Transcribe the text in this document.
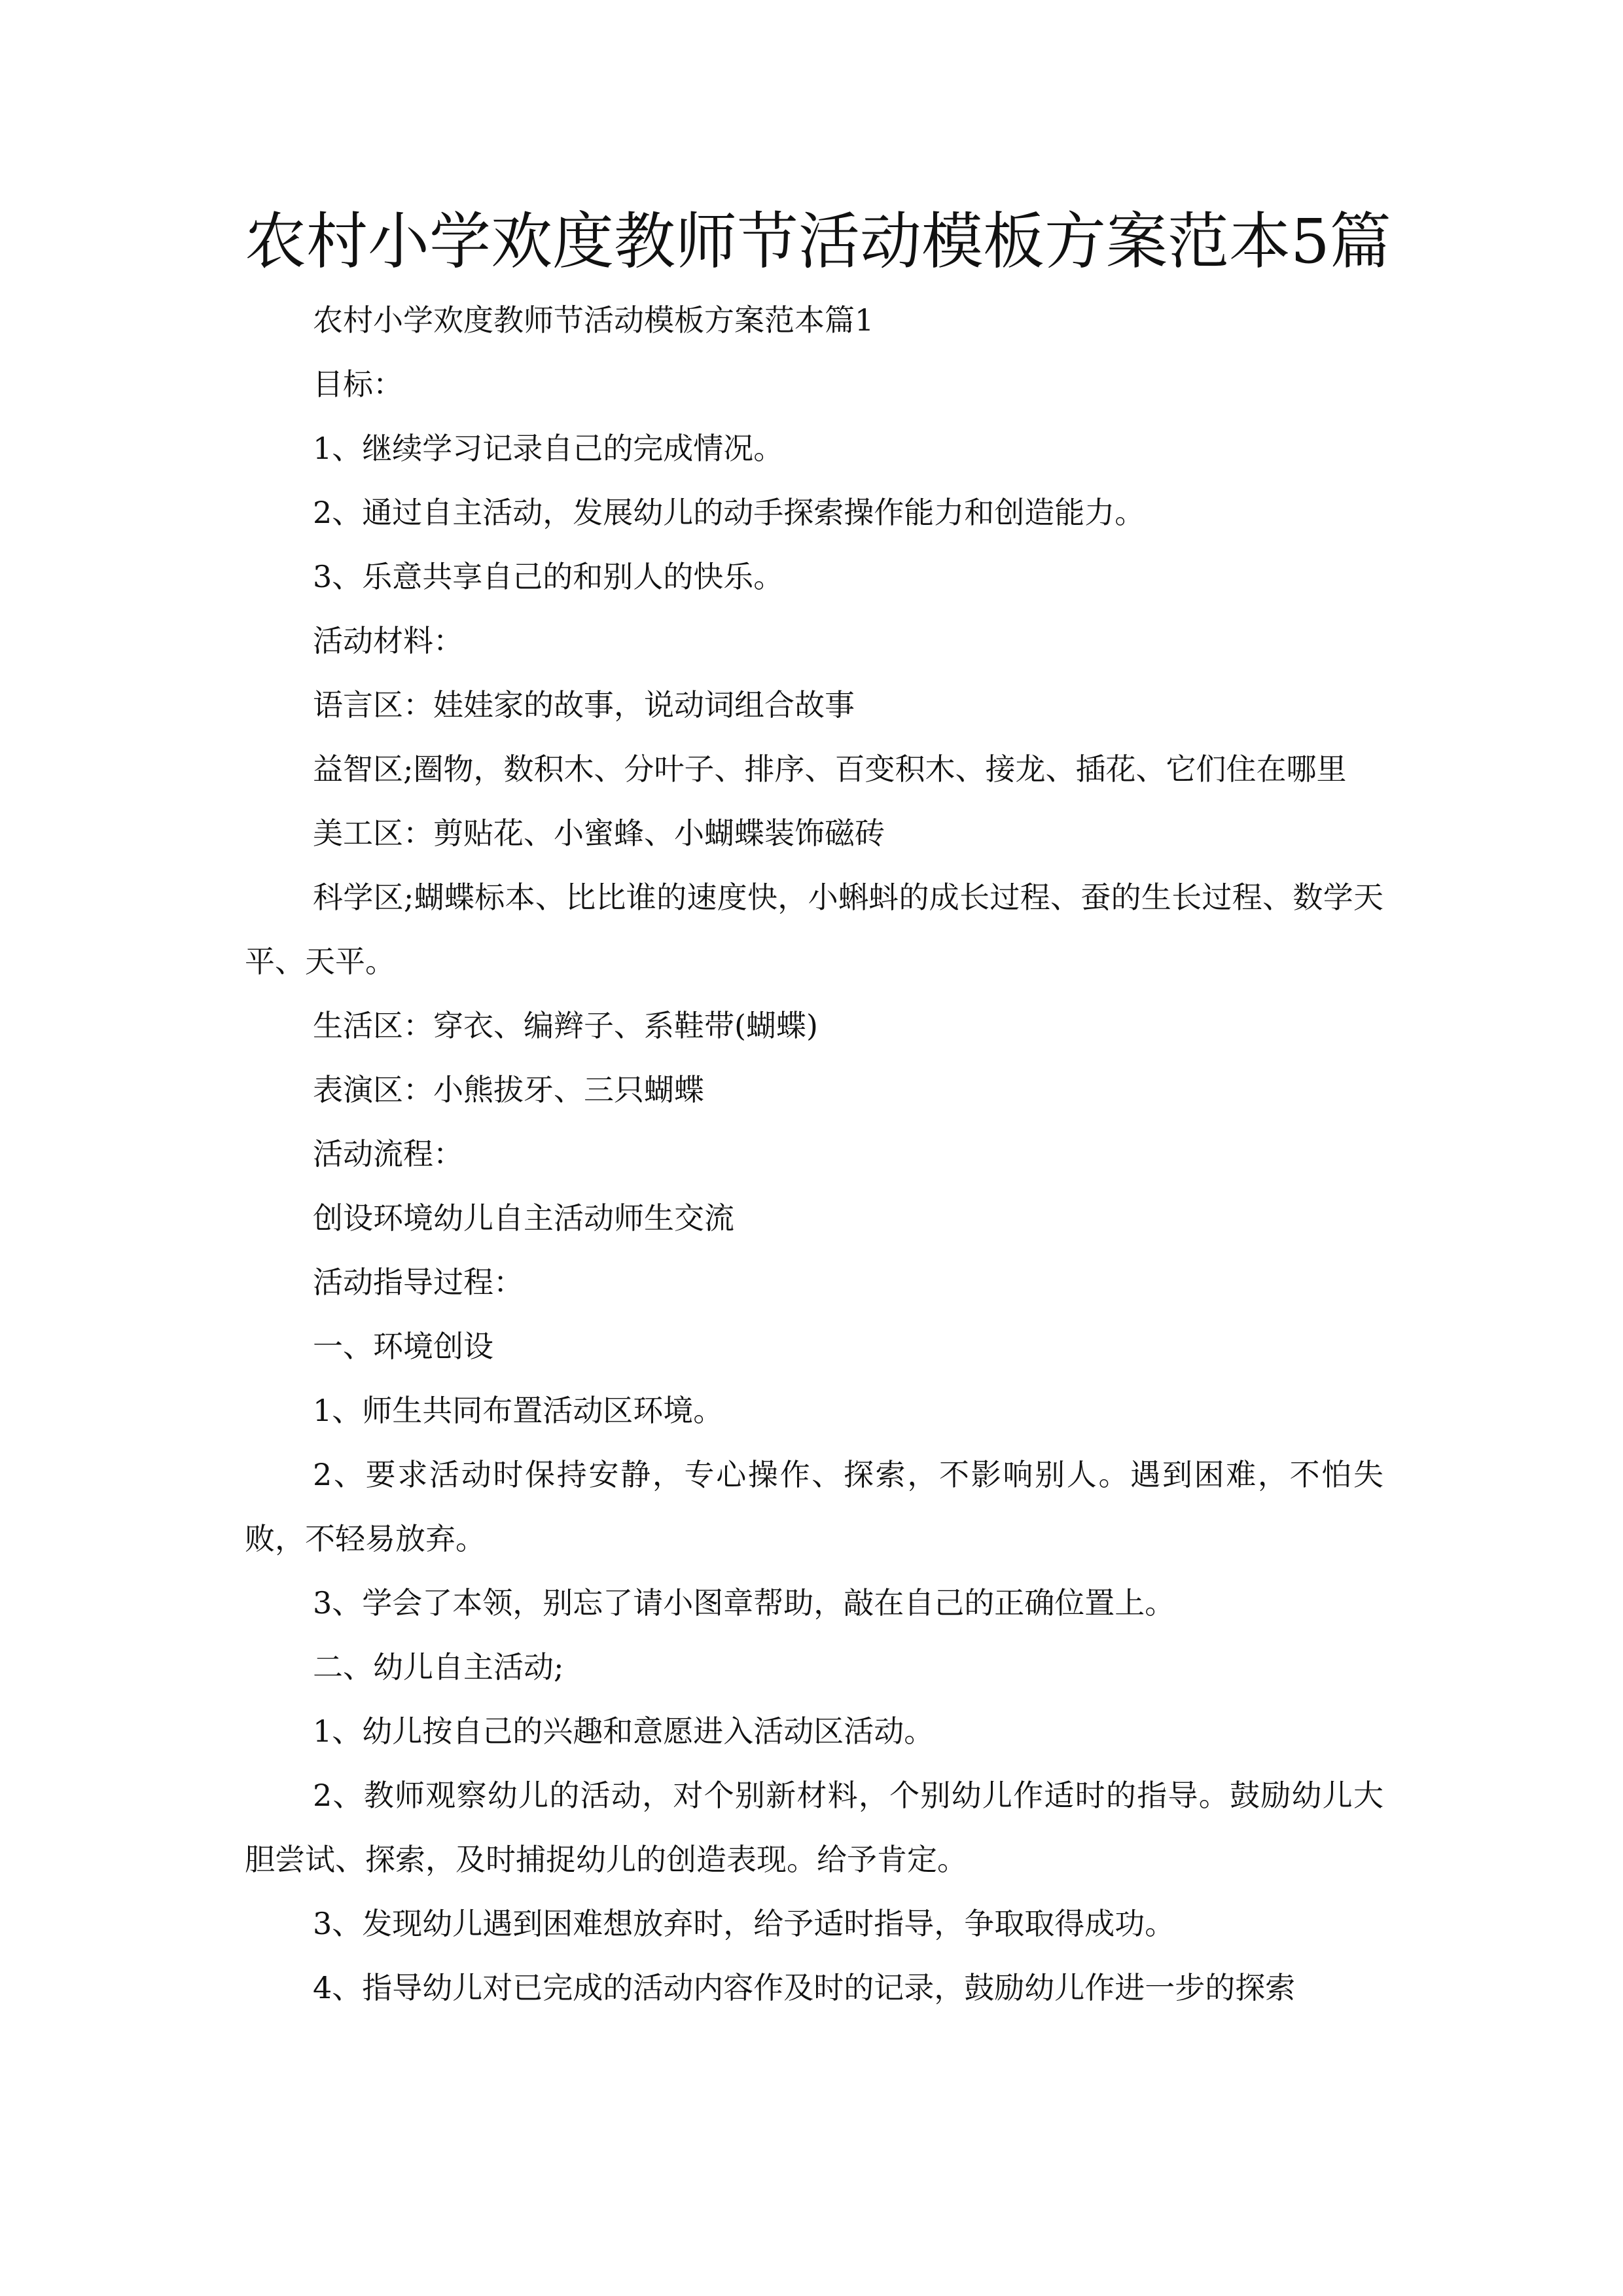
农村小学欢度教师节活动模板方案范本5篇

农村小学欢度教师节活动模板方案范本篇1

目标：

1、继续学习记录自己的完成情况。

2、通过自主活动，发展幼儿的动手探索操作能力和创造能力。

3、乐意共享自己的和别人的快乐。

活动材料：

语言区：娃娃家的故事，说动词组合故事

益智区;圈物，数积木、分叶子、排序、百变积木、接龙、插花、它们住在哪里

美工区：剪贴花、小蜜蜂、小蝴蝶装饰磁砖

科学区;蝴蝶标本、比比谁的速度快，小蝌蚪的成长过程、蚕的生长过程、数学天平、天平。

生活区：穿衣、编辫子、系鞋带(蝴蝶)

表演区：小熊拔牙、三只蝴蝶

活动流程：

创设环境幼儿自主活动师生交流

活动指导过程：

一、环境创设

1、师生共同布置活动区环境。

2、要求活动时保持安静，专心操作、探索，不影响别人。遇到困难，不怕失败，不轻易放弃。

3、学会了本领，别忘了请小图章帮助，敲在自己的正确位置上。

二、幼儿自主活动;

1、幼儿按自己的兴趣和意愿进入活动区活动。

2、教师观察幼儿的活动，对个别新材料，个别幼儿作适时的指导。鼓励幼儿大胆尝试、探索，及时捕捉幼儿的创造表现。给予肯定。

3、发现幼儿遇到困难想放弃时，给予适时指导，争取取得成功。

4、指导幼儿对已完成的活动内容作及时的记录，鼓励幼儿作进一步的探索
